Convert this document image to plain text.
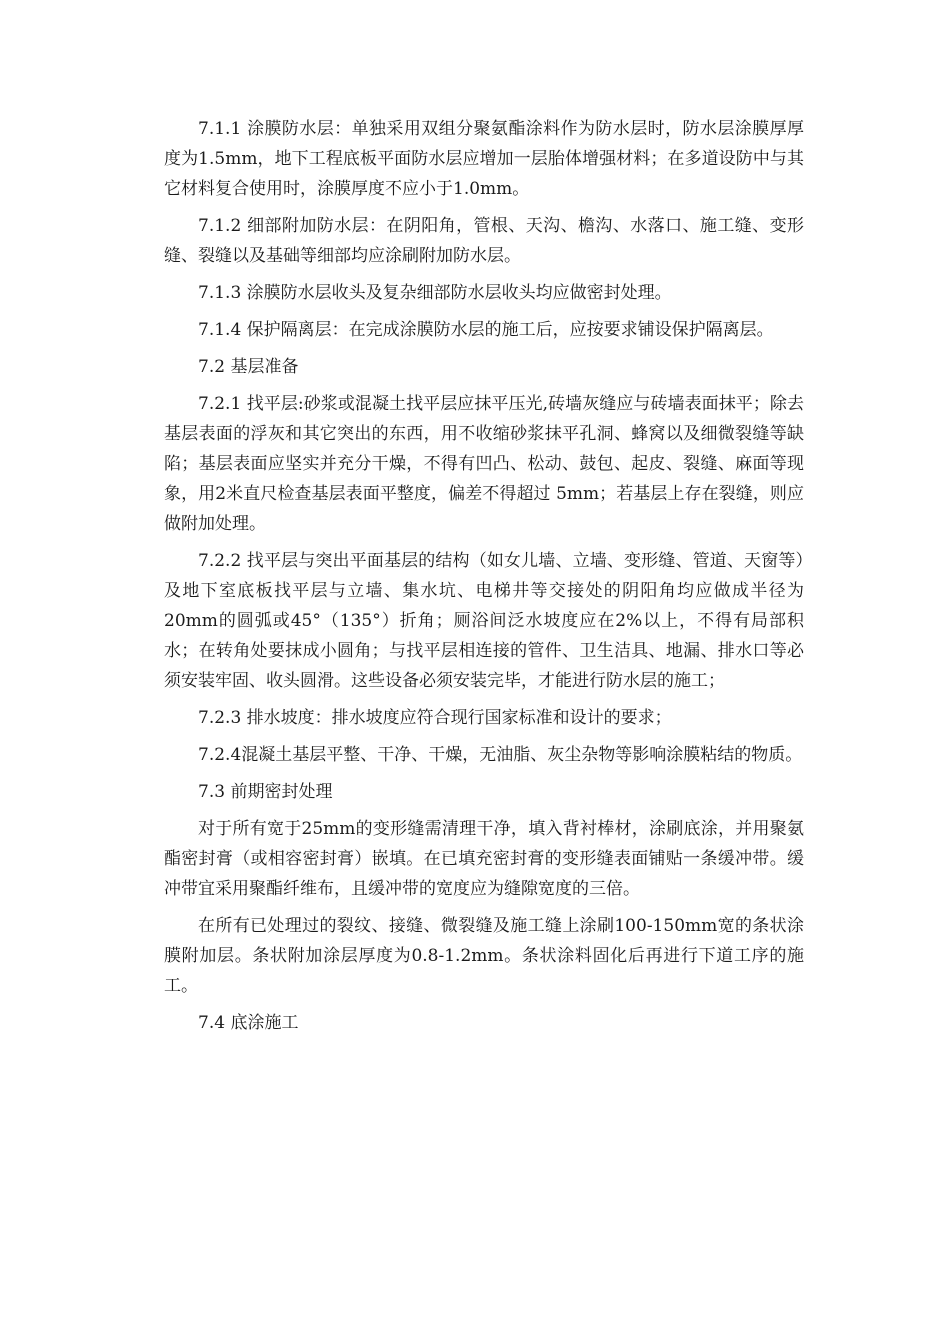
7.1.1 涂膜防水层：单独采用双组分聚氨酯涂料作为防水层时，防水层涂膜厚厚度为1.5mm，地下工程底板平面防水层应增加一层胎体增强材料；在多道设防中与其它材料复合使用时，涂膜厚度不应小于1.0mm。

7.1.2 细部附加防水层：在阴阳角，管根、天沟、檐沟、水落口、施工缝、变形缝、裂缝以及基础等细部均应涂刷附加防水层。

7.1.3 涂膜防水层收头及复杂细部防水层收头均应做密封处理。

7.1.4 保护隔离层：在完成涂膜防水层的施工后，应按要求铺设保护隔离层。

7.2 基层准备

7.2.1 找平层:砂浆或混凝土找平层应抹平压光,砖墙灰缝应与砖墙表面抹平；除去基层表面的浮灰和其它突出的东西，用不收缩砂浆抹平孔洞、蜂窝以及细微裂缝等缺陷；基层表面应坚实并充分干燥，不得有凹凸、松动、鼓包、起皮、裂缝、麻面等现象，用2米直尺检查基层表面平整度，偏差不得超过 5mm；若基层上存在裂缝，则应做附加处理。

7.2.2 找平层与突出平面基层的结构（如女儿墙、立墙、变形缝、管道、天窗等）及地下室底板找平层与立墙、集水坑、电梯井等交接处的阴阳角均应做成半径为20mm的圆弧或45°（135°）折角；厕浴间泛水坡度应在2%以上，不得有局部积水；在转角处要抹成小圆角；与找平层相连接的管件、卫生洁具、地漏、排水口等必须安装牢固、收头圆滑。这些设备必须安装完毕，才能进行防水层的施工；

7.2.3 排水坡度：排水坡度应符合现行国家标准和设计的要求；

7.2.4混凝土基层平整、干净、干燥，无油脂、灰尘杂物等影响涂膜粘结的物质。

7.3 前期密封处理

对于所有宽于25mm的变形缝需清理干净，填入背衬棒材，涂刷底涂，并用聚氨酯密封膏（或相容密封膏）嵌填。在已填充密封膏的变形缝表面铺贴一条缓冲带。缓冲带宜采用聚酯纤维布，且缓冲带的宽度应为缝隙宽度的三倍。

在所有已处理过的裂纹、接缝、微裂缝及施工缝上涂刷100-150mm宽的条状涂膜附加层。条状附加涂层厚度为0.8-1.2mm。条状涂料固化后再进行下道工序的施工。

7.4 底涂施工
